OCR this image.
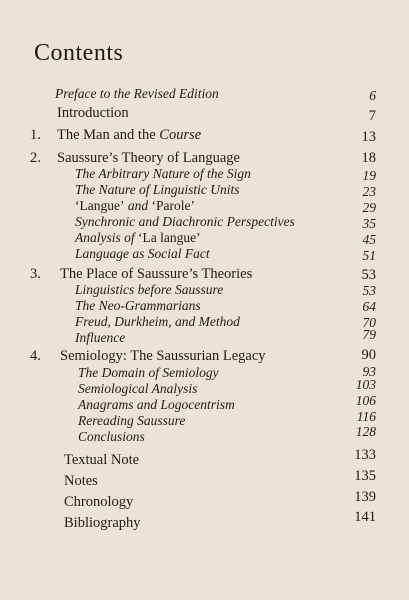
Contents
Preface to the Revised Edition	6
Introduction	7
1.	The Man and the Course	13
2.	Saussure’s Theory of Language	18
The Arbitrary Nature of the Sign	19
The Nature of Linguistic Units	23
‘Langue’ and ‘Parole’	29
Synchronic and Diachronic Perspectives	35
Analysis of ‘La langue’	45
Language as Social Fact	51
3.	The Place of Saussure’s Theories	53
Linguistics before Saussure	53
The Neo-Grammarians	64
Freud, Durkheim, and Method	70
Influence	79
4.	Semiology: The Saussurian Legacy	90
The Domain of Semiology	93
Semiological Analysis	103
Anagrams and Logocentrism	106
Rereading Saussure	116
Conclusions	128
Textual Note	133
Notes	135
Chronology	139
Bibliography	141
